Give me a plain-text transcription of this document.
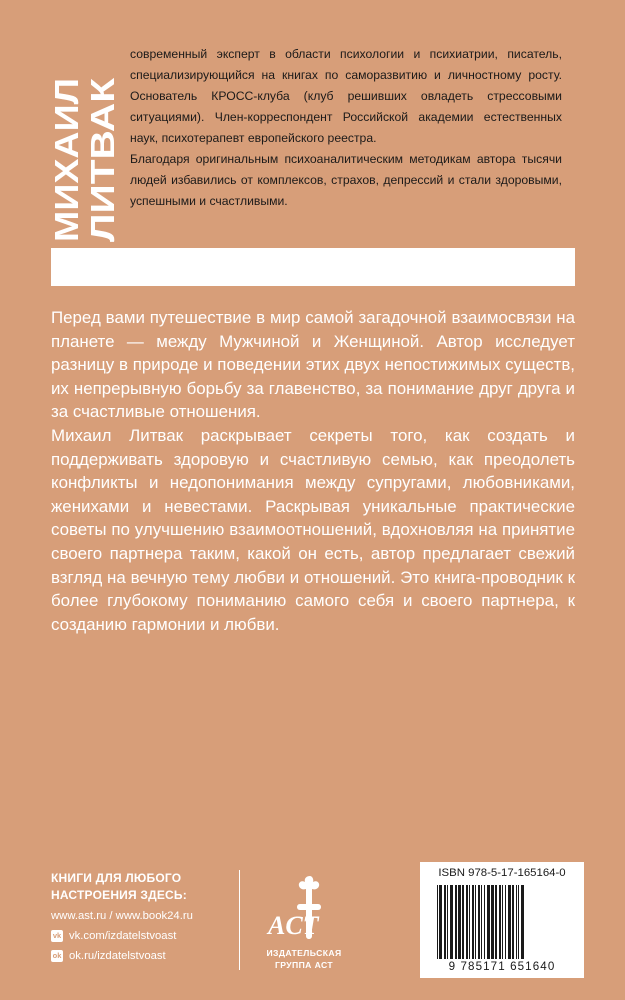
МИХАИЛ ЛИТВАК

современный эксперт в области психологии и психиатрии, писатель, специализирующийся на книгах по саморазвитию и личностному росту. Основатель КРОСС-клуба (клуб решивших овладеть стрессовыми ситуациями). Член-корреспондент Российской академии естественных наук, психотерапевт европейского реестра.

Благодаря оригинальным психоаналитическим методикам автора тысячи людей избавились от комплексов, страхов, депрессий и стали здоровыми, успешными и счастливыми.

Перед вами путешествие в мир самой загадочной взаимосвязи на планете — между Мужчиной и Женщиной. Автор исследует разницу в природе и поведении этих двух непостижимых существ, их непрерывную борьбу за главенство, за понимание друг друга и за счастливые отношения.

Михаил Литвак раскрывает секреты того, как создать и поддерживать здоровую и счастливую семью, как преодолеть конфликты и недопонимания между супругами, любовниками, женихами и невестами. Раскрывая уникальные практические советы по улучшению взаимоотношений, вдохновляя на принятие своего партнера таким, какой он есть, автор предлагает свежий взгляд на вечную тему любви и отношений. Это книга-проводник к более глубокому пониманию самого себя и своего партнера, к созданию гармонии и любви.

КНИГИ ДЛЯ ЛЮБОГО
НАСТРОЕНИЯ ЗДЕСЬ:
www.ast.ru / www.book24.ru
vk vk.com/izdatelstvoast
ok ok.ru/izdatelstvoast
ACT
ИЗДАТЕЛЬСКАЯ
ГРУППА АСТ
ISBN 978-5-17-165164-0
9 785171 651640
